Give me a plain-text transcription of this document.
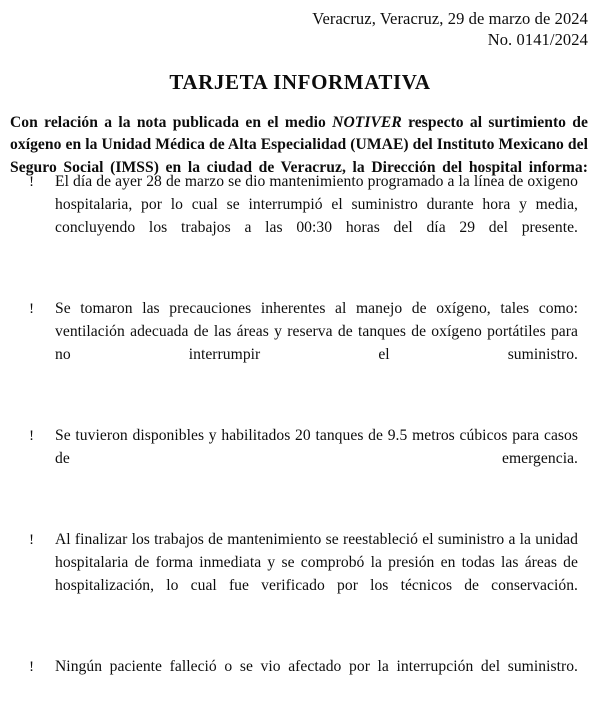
Veracruz, Veracruz, 29 de marzo de 2024
No. 0141/2024
TARJETA INFORMATIVA

Con relación a la nota publicada en el medio NOTIVER respecto al surtimiento de oxígeno en la Unidad Médica de Alta Especialidad (UMAE) del Instituto Mexicano del Seguro Social (IMSS) en la ciudad de Veracruz, la Dirección del hospital informa:

!	El día de ayer 28 de marzo se dio mantenimiento programado a la línea de oxigeno hospitalaria, por lo cual se interrumpió el suministro durante hora y media, concluyendo los trabajos a las 00:30 horas del día 29 del presente.
!	Se tomaron las precauciones inherentes al manejo de oxígeno, tales como: ventilación adecuada de las áreas y reserva de tanques de oxígeno portátiles para no interrumpir el suministro.
!	Se tuvieron disponibles y habilitados 20 tanques de 9.5 metros cúbicos para casos de emergencia.
!	Al finalizar los trabajos de mantenimiento se reestableció el suministro a la unidad hospitalaria de forma inmediata y se comprobó la presión en todas las áreas de hospitalización, lo cual fue verificado por los técnicos de conservación.
!	Ningún paciente falleció o se vio afectado por la interrupción del suministro.
